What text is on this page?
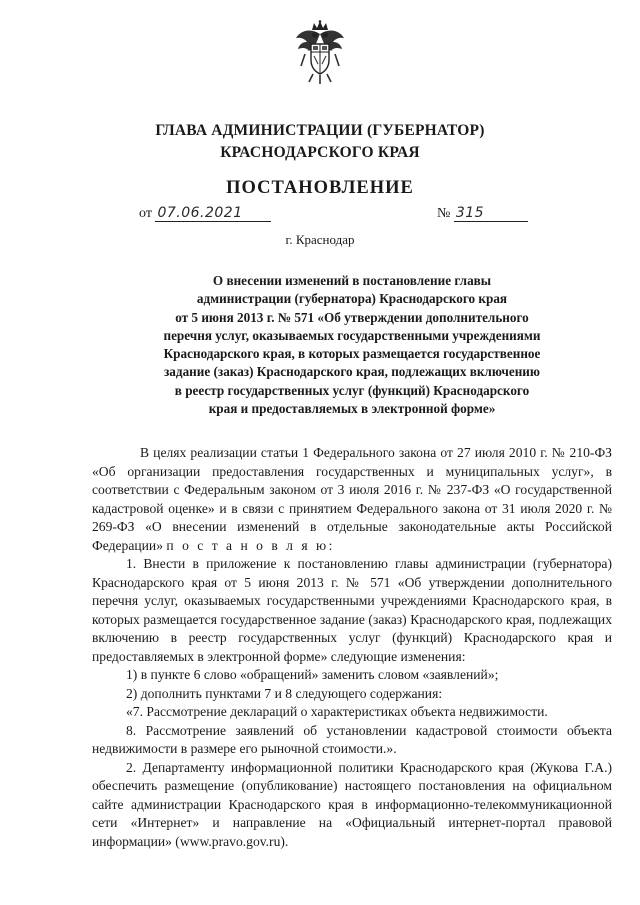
ГЛАВА АДМИНИСТРАЦИИ (ГУБЕРНАТОР)
КРАСНОДАРСКОГО КРАЯ
ПОСТАНОВЛЕНИЕ
от 07.06.2021	№ 315
г. Краснодар
О внесении изменений в постановление главы
администрации (губернатора) Краснодарского края
от 5 июня 2013 г. № 571 «Об утверждении дополнительного
перечня услуг, оказываемых государственными учреждениями
Краснодарского края, в которых размещается государственное
задание (заказ) Краснодарского края, подлежащих включению
в реестр государственных услуг (функций) Краснодарского
края и предоставляемых в электронной форме»

В целях реализации статьи 1 Федерального закона от 27 июля 2010 г. № 210-ФЗ «Об организации предоставления государственных и муниципальных услуг», в соответствии с Федеральным законом от 3 июля 2016 г. № 237-ФЗ «О государственной кадастровой оценке» и в связи с принятием Федерального закона от 31 июля 2020 г. № 269-ФЗ «О внесении изменений в отдельные законодательные акты Российской Федерации» п о с т а н о в л я ю:

1. Внести в приложение к постановлению главы администрации (губернатора) Краснодарского края от 5 июня 2013 г. № 571 «Об утверждении дополнительного перечня услуг, оказываемых государственными учреждениями Краснодарского края, в которых размещается государственное задание (заказ) Краснодарского края, подлежащих включению в реестр государственных услуг (функций) Краснодарского края и предоставляемых в электронной форме» следующие изменения:

1) в пункте 6 слово «обращений» заменить словом «заявлений»;

2) дополнить пунктами 7 и 8 следующего содержания:

«7. Рассмотрение деклараций о характеристиках объекта недвижимости.

8. Рассмотрение заявлений об установлении кадастровой стоимости объекта недвижимости в размере его рыночной стоимости.».

2. Департаменту информационной политики Краснодарского края (Жукова Г.А.) обеспечить размещение (опубликование) настоящего постановления на официальном сайте администрации Краснодарского края в информационно-телекоммуникационной сети «Интернет» и направление на «Официальный интернет-портал правовой информации» (www.pravo.gov.ru).
